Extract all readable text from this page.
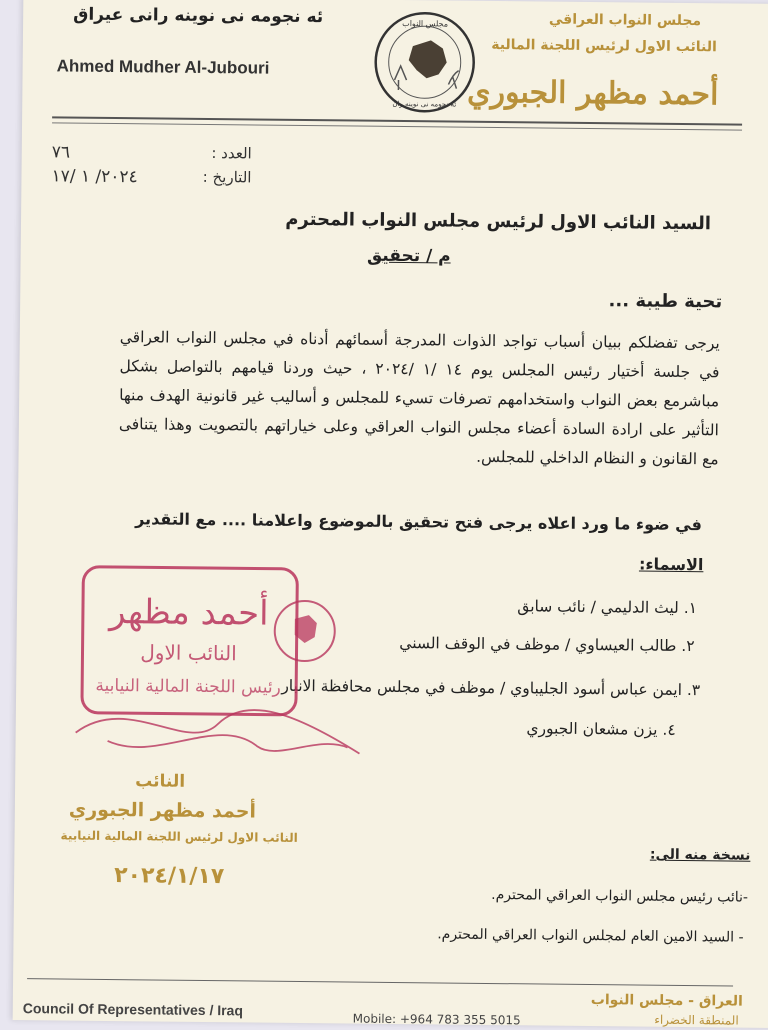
ئه نجومه نى نوينه رانى عيراق
Ahmed Mudher Al-Jubouri
مجلس النواب
ئه نجومه نى نوينه ران
مجلس النواب العراقي
النائب الاول لرئيس اللجنة المالية
أحمد مظهر الجبوري
العدد :
٧٦
التاريخ :
٢٠٢٤/ ١ /١٧
السيد النائب الاول لرئيس مجلس النواب المحترم
م / تحقيق
تحية طيبة ...
يرجى تفضلكم ببيان أسباب تواجد الذوات المدرجة أسمائهم أدناه في مجلس النواب العراقي في جلسة أختيار رئيس المجلس يوم ١٤ /١ /٢٠٢٤ ، حيث وردنا قيامهم بالتواصل بشكل مباشرمع بعض النواب واستخدامهم تصرفات تسيء للمجلس و أساليب غير قانونية الهدف منها التأثير على ارادة السادة أعضاء مجلس النواب العراقي وعلى خياراتهم بالتصويت وهذا يتنافى مع القانون و النظام الداخلي للمجلس.
في ضوء ما ورد اعلاه يرجى فتح تحقيق بالموضوع واعلامنا .... مع التقدير
الاسماء:
١. ليث الدليمي / نائب سابق
٢. طالب العيساوي / موظف في الوقف السني
٣. ايمن عباس أسود الجليباوي / موظف في مجلس محافظة الانبار
٤. يزن مشعان الجبوري
أحمد مظهر
النائب الاول
رئيس اللجنة المالية النيابية
النائب
أحمد مظهر الجبوري
النائب الاول لرئيس اللجنة المالية النيابية
٢٠٢٤/١/١٧
نسخة منه الى:
-نائب رئيس مجلس النواب العراقي المحترم.
- السيد الامين العام لمجلس النواب العراقي المحترم.
Council Of Representatives / Iraq
Mobile: +964 783 355 5015
العراق - مجلس النواب
المنطقة الخضراء
